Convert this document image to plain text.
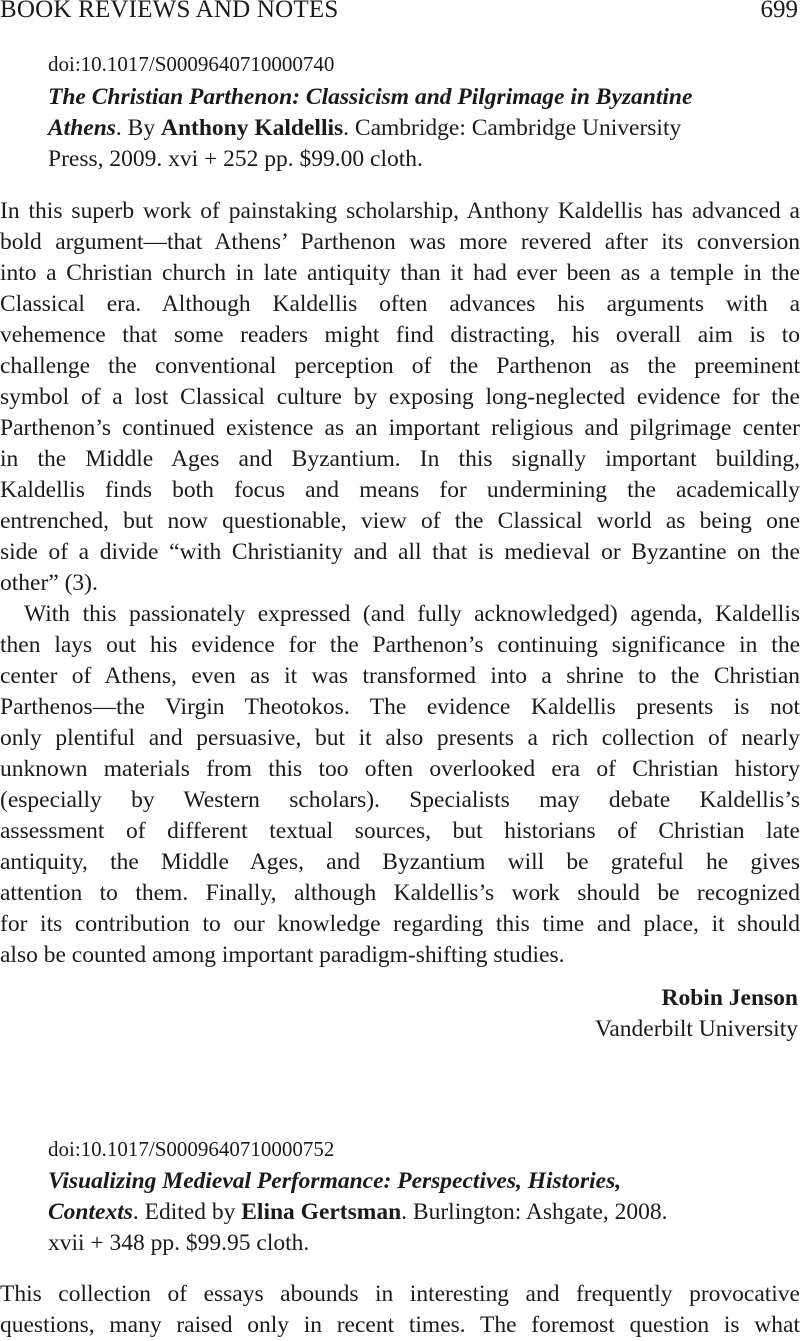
BOOK REVIEWS AND NOTES	699
doi:10.1017/S0009640710000740
The Christian Parthenon: Classicism and Pilgrimage in Byzantine
Athens. By Anthony Kaldellis. Cambridge: Cambridge University
Press, 2009. xvi + 252 pp. $99.00 cloth.
In this superb work of painstaking scholarship, Anthony Kaldellis has advanced a
bold argument—that Athens’ Parthenon was more revered after its conversion
into a Christian church in late antiquity than it had ever been as a temple in the
Classical era. Although Kaldellis often advances his arguments with a
vehemence that some readers might find distracting, his overall aim is to
challenge the conventional perception of the Parthenon as the preeminent
symbol of a lost Classical culture by exposing long-neglected evidence for the
Parthenon’s continued existence as an important religious and pilgrimage center
in the Middle Ages and Byzantium. In this signally important building,
Kaldellis finds both focus and means for undermining the academically
entrenched, but now questionable, view of the Classical world as being one
side of a divide “with Christianity and all that is medieval or Byzantine on the
other” (3).
With this passionately expressed (and fully acknowledged) agenda, Kaldellis
then lays out his evidence for the Parthenon’s continuing significance in the
center of Athens, even as it was transformed into a shrine to the Christian
Parthenos—the Virgin Theotokos. The evidence Kaldellis presents is not
only plentiful and persuasive, but it also presents a rich collection of nearly
unknown materials from this too often overlooked era of Christian history
(especially by Western scholars). Specialists may debate Kaldellis’s
assessment of different textual sources, but historians of Christian late
antiquity, the Middle Ages, and Byzantium will be grateful he gives
attention to them. Finally, although Kaldellis’s work should be recognized
for its contribution to our knowledge regarding this time and place, it should
also be counted among important paradigm-shifting studies.
Robin Jenson
Vanderbilt University
doi:10.1017/S0009640710000752
Visualizing Medieval Performance: Perspectives, Histories,
Contexts. Edited by Elina Gertsman. Burlington: Ashgate, 2008.
xvii + 348 pp. $99.95 cloth.
This collection of essays abounds in interesting and frequently provocative
questions, many raised only in recent times. The foremost question is what
